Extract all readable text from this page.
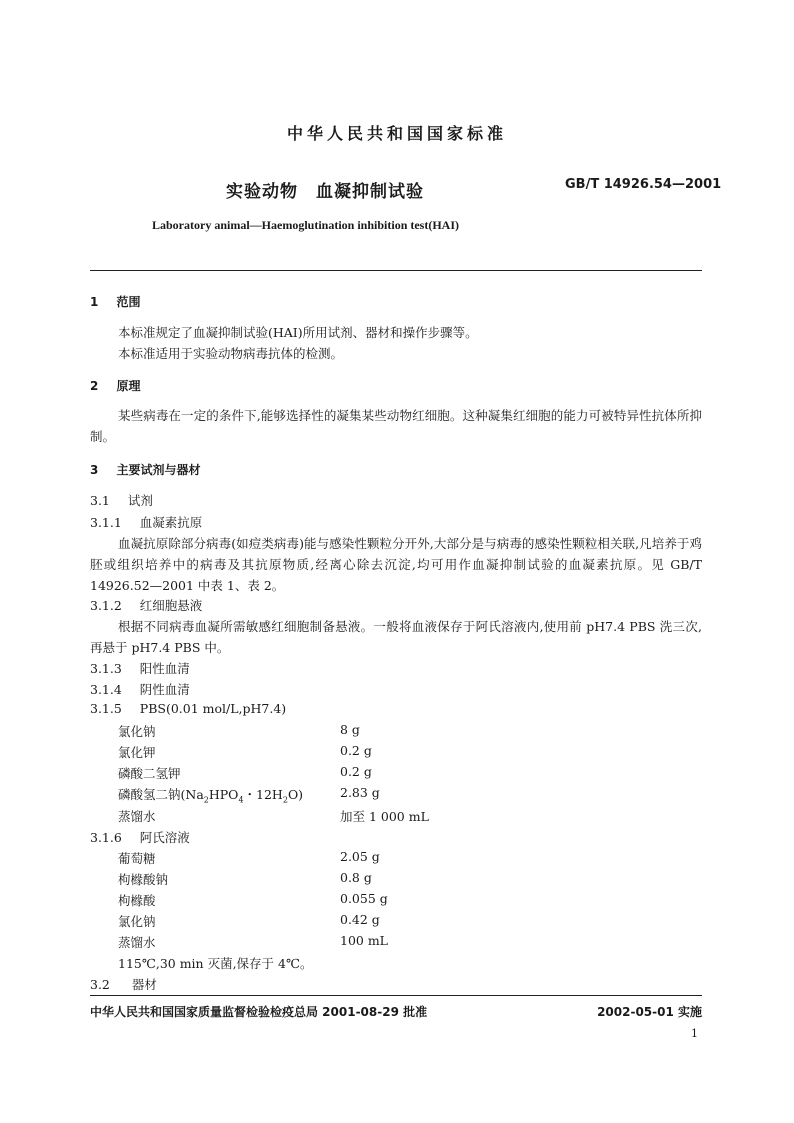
中华人民共和国国家标准
实验动物　血凝抑制试验	GB/T 14926.54—2001
Laboratory animal—Haemoglutination inhibition test(HAI)
1 范围
本标准规定了血凝抑制试验(HAI)所用试剂、器材和操作步骤等。
本标准适用于实验动物病毒抗体的检测。
2 原理
某些病毒在一定的条件下,能够选择性的凝集某些动物红细胞。这种凝集红细胞的能力可被特异性抗体所抑制。
3 主要试剂与器材
3.1 试剂
3.1.1 血凝素抗原
血凝抗原除部分病毒(如痘类病毒)能与感染性颗粒分开外,大部分是与病毒的感染性颗粒相关联,凡培养于鸡胚或组织培养中的病毒及其抗原物质,经离心除去沉淀,均可用作血凝抑制试验的血凝素抗原。见 GB/T 14926.52—2001 中表 1、表 2。
3.1.2 红细胞悬液
根据不同病毒血凝所需敏感红细胞制备悬液。一般将血液保存于阿氏溶液内,使用前 pH7.4 PBS 洗三次,再悬于 pH7.4 PBS 中。
3.1.3 阳性血清
3.1.4 阴性血清
3.1.5 PBS(0.01 mol/L,pH7.4)
氯化钠	8 g
氯化钾	0.2 g
磷酸二氢钾	0.2 g
磷酸氢二钠($Na_2HPO_4$・$12H_2O$)	2.83 g
蒸馏水	加至 1 000 mL
3.1.6 阿氏溶液
葡萄糖	2.05 g
枸橼酸钠	0.8 g
枸橼酸	0.055 g
氯化钠	0.42 g
蒸馏水	100 mL
115℃,30 min 灭菌,保存于 4℃。
3.2 器材
中华人民共和国国家质量监督检验检疫总局 2001-08-29 批准	2002-05-01 实施
1
